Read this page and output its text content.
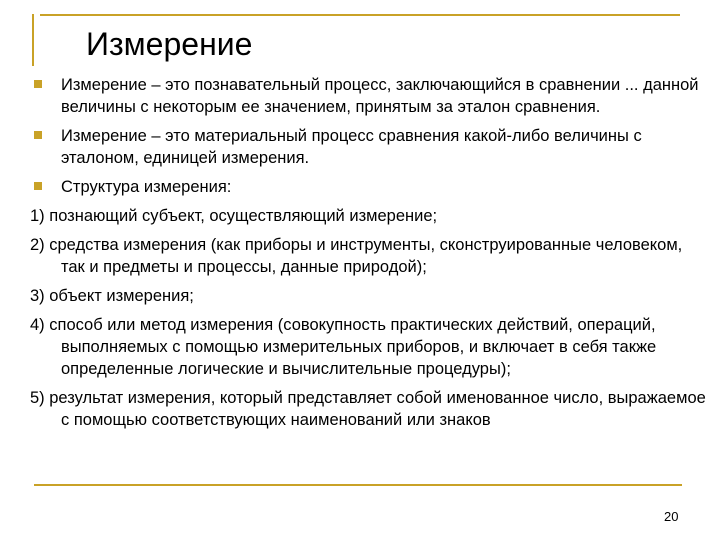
Измерение
Измерение – это познавательный процесс, заключающийся в сравнении ... данной величины с некоторым ее значением, принятым за эталон сравнения.
Измерение – это материальный процесс сравнения какой-либо величины с эталоном, единицей измерения.
Структура измерения:
1) познающий субъект, осуществляющий измерение;
2) средства измерения (как приборы и инструменты, сконструированные человеком, так и предметы и процессы, данные природой);
3) объект измерения;
4) способ или метод измерения (совокупность практических действий, операций, выполняемых с помощью измерительных приборов, и включает в себя также определенные логические и вычислительные процедуры);
5) результат измерения, который представляет собой именованное число, выражаемое с помощью соответствующих наименований или знаков
20
